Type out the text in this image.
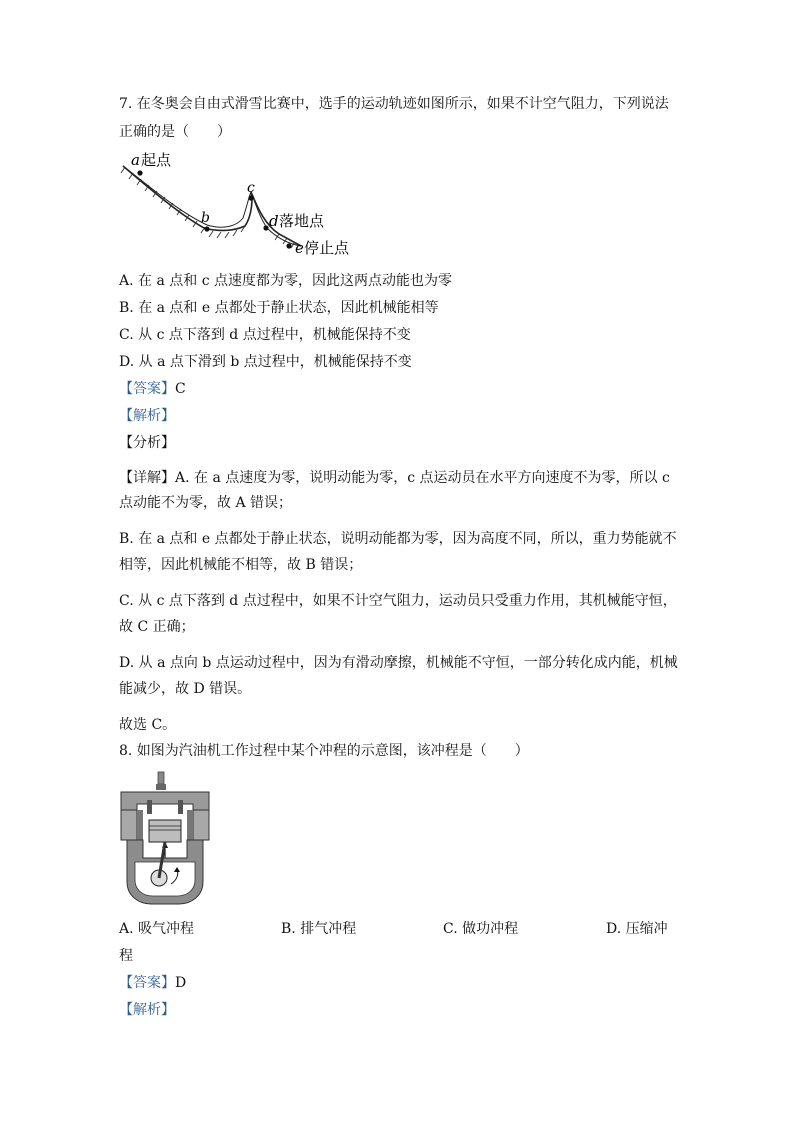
7. 在冬奥会自由式滑雪比赛中，选手的运动轨迹如图所示，如果不计空气阻力，下列说法
正确的是（　　）
a 起点
b
c
d 落地点
e 停止点
A. 在 a 点和 c 点速度都为零，因此这两点动能也为零
B. 在 a 点和 e 点都处于静止状态，因此机械能相等
C. 从 c 点下落到 d 点过程中，机械能保持不变
D. 从 a 点下滑到 b 点过程中，机械能保持不变
【答案】C
【解析】
【分析】
【详解】A. 在 a 点速度为零，说明动能为零，c 点运动员在水平方向速度不为零，所以 c
点动能不为零，故 A 错误；
B. 在 a 点和 e 点都处于静止状态，说明动能都为零，因为高度不同，所以，重力势能就不
相等，因此机械能不相等，故 B 错误；
C. 从 c 点下落到 d 点过程中，如果不计空气阻力，运动员只受重力作用，其机械能守恒，
故 C 正确；
D. 从 a 点向 b 点运动过程中，因为有滑动摩擦，机械能不守恒，一部分转化成内能，机械
能减少，故 D 错误。
故选 C。
8. 如图为汽油机工作过程中某个冲程的示意图，该冲程是（　　）
A. 吸气冲程	B. 排气冲程	C. 做功冲程	D. 压缩冲
程
【答案】D
【解析】
